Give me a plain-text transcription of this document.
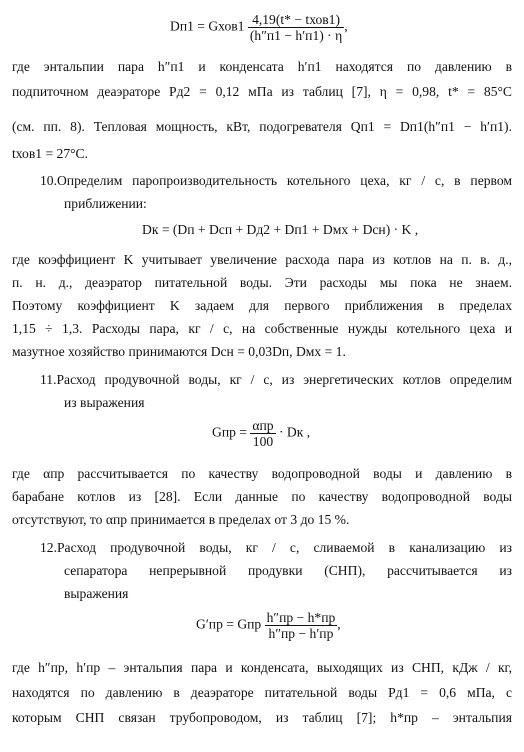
Dп1 = Gхов1 $\frac{\text{4,19(t* − tхов1)}}{(h''п1 - h'п1) \cdot \eta}$ ,
где энтальпии пара h″п1 и конденсата h′п1 находятся по давлению в
подпиточном деаэраторе Pд2 = 0,12 мПа из таблиц [7], η = 0,98, t* = 85°C
(см. пп. 8). Тепловая мощность, кВт, подогревателя Qп1 = Dп1(h″п1 − h′п1).
tхов1 = 27°C.
10.Определим паропроизводительность котельного цеха, кг / с, в первом
приближении:
Dк = (Dп + Dсп + Dд2 + Dп1 + Dмх + Dсн) · K ,
где коэффициент K учитывает увеличение расхода пара из котлов на п. в. д.,
п. н. д., деаэратор питательной воды. Эти расходы мы пока не знаем.
Поэтому коэффициент K задаем для первого приближения в пределах
1,15 ÷ 1,3. Расходы пара, кг / с, на собственные нужды котельного цеха и
мазутное хозяйство принимаются Dсн = 0,03Dп, Dмх = 1.
11.Расход продувочной воды, кг / с, из энергетических котлов определим
из выражения
Gпр = $\frac{\text{αпр}}{100}$ · Dк ,
где αпр рассчитывается по качеству водопроводной воды и давлению в
барабане котлов из [28]. Если данные по качеству водопроводной воды
отсутствуют, то αпр принимается в пределах от 3 до 15 %.
12.Расход продувочной воды, кг / с, сливаемой в канализацию из
сепаратора непрерывной продувки (СНП), рассчитывается из
выражения
G′пр = Gпр $\frac{h''пр - h*пр}{h''пр - h'пр}$ ,
где h″пр, h′пр – энтальпия пара и конденсата, выходящих из СНП, кДж / кг,
находятся по давлению в деаэраторе питательной воды Pд1 = 0,6 мПа, с
которым СНП связан трубопроводом, из таблиц [7]; h*пр – энтальпия
